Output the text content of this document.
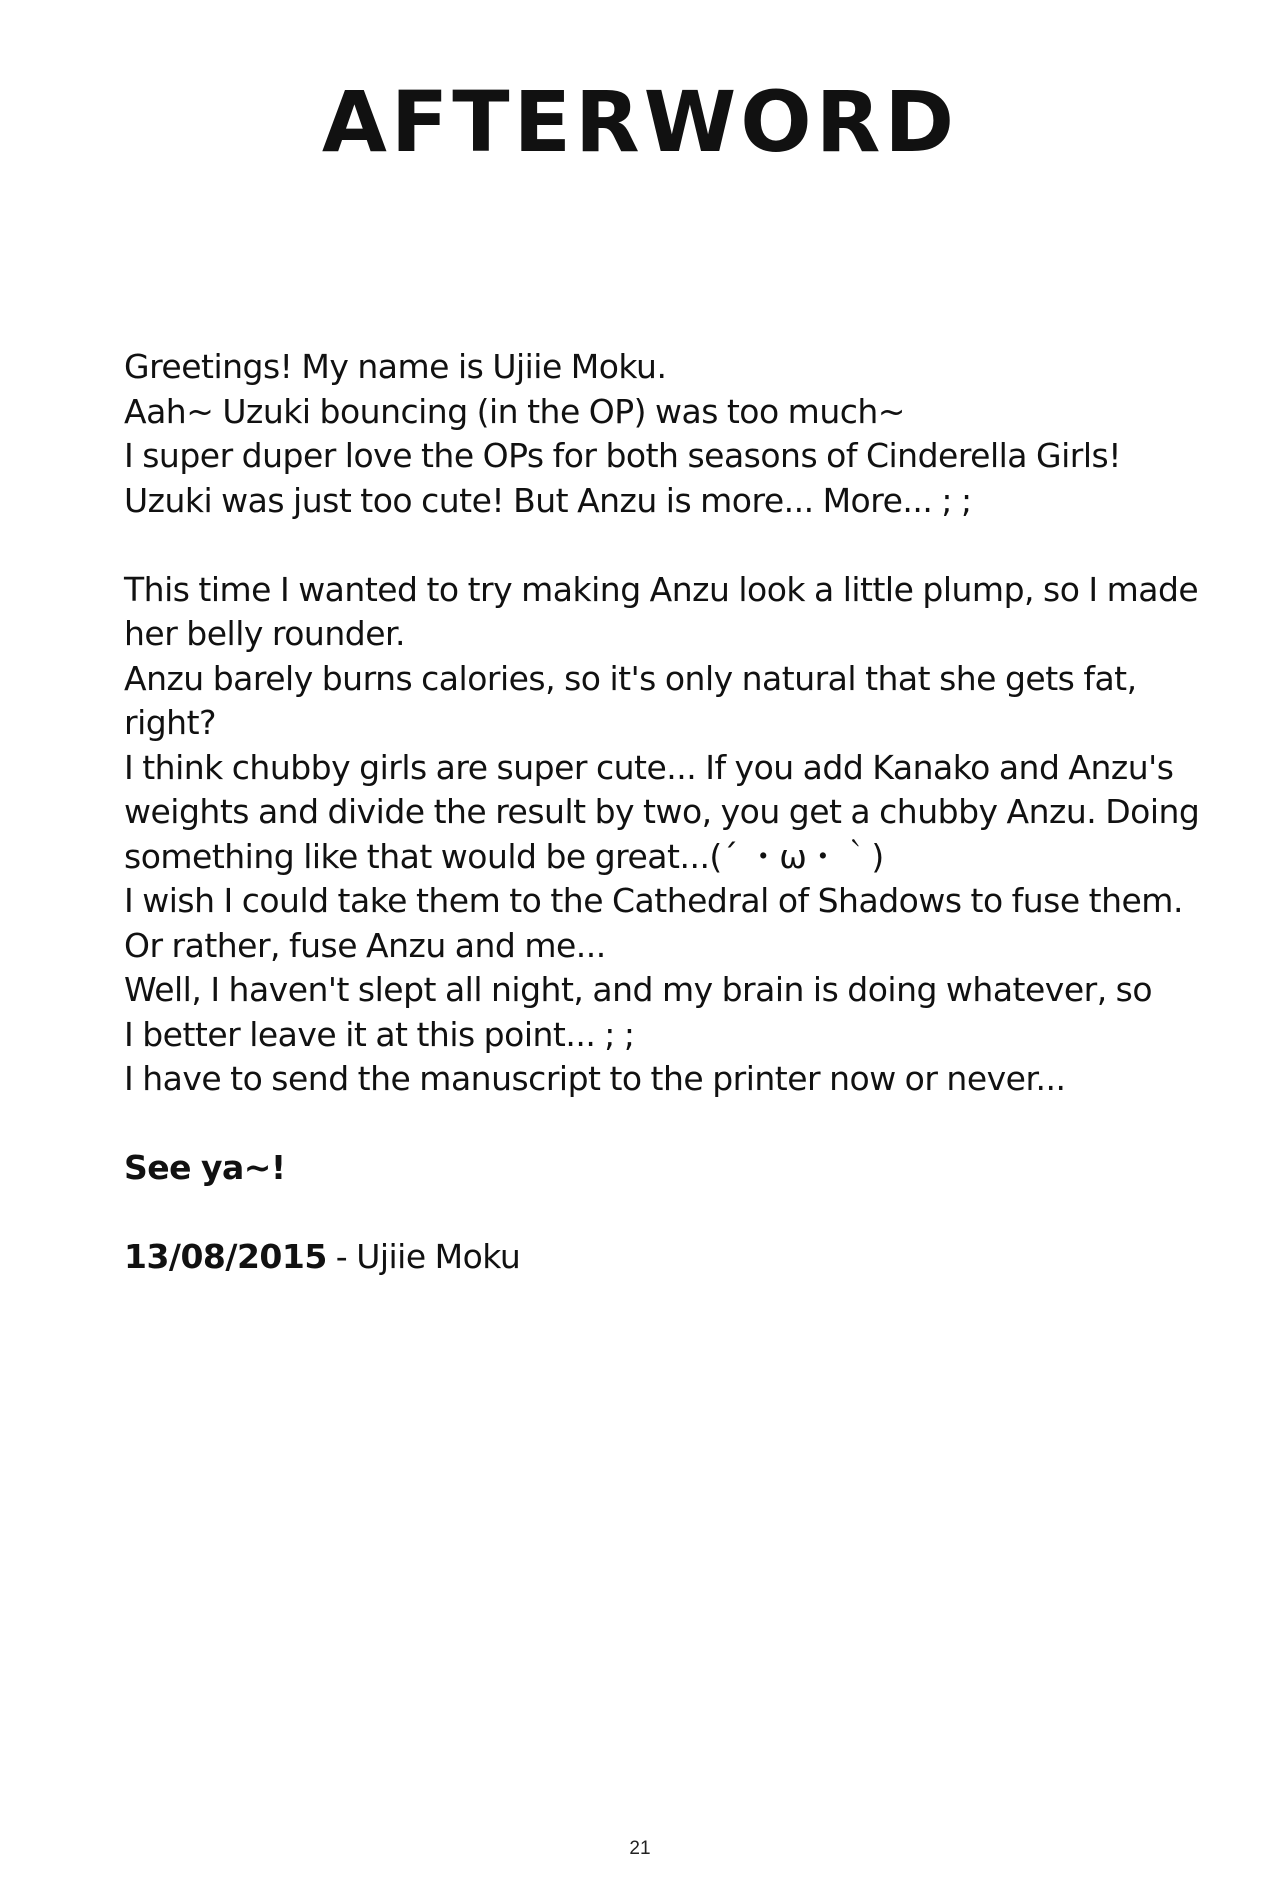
AFTERWORD

Greetings! My name is Ujiie Moku.
Aah~ Uzuki bouncing (in the OP) was too much~
I super duper love the OPs for both seasons of Cinderella Girls!
Uzuki was just too cute! But Anzu is more... More... ; ;

This time I wanted to try making Anzu look a little plump, so I made
her belly rounder.
Anzu barely burns calories, so it's only natural that she gets fat,
right?
I think chubby girls are super cute... If you add Kanako and Anzu's
weights and divide the result by two, you get a chubby Anzu. Doing
something like that would be great...(´ ・ω・｀)
I wish I could take them to the Cathedral of Shadows to fuse them.
Or rather, fuse Anzu and me...
Well, I haven't slept all night, and my brain is doing whatever, so
I better leave it at this point... ; ;
I have to send the manuscript to the printer now or never...

See ya~!

13/08/2015 - Ujiie Moku

21
